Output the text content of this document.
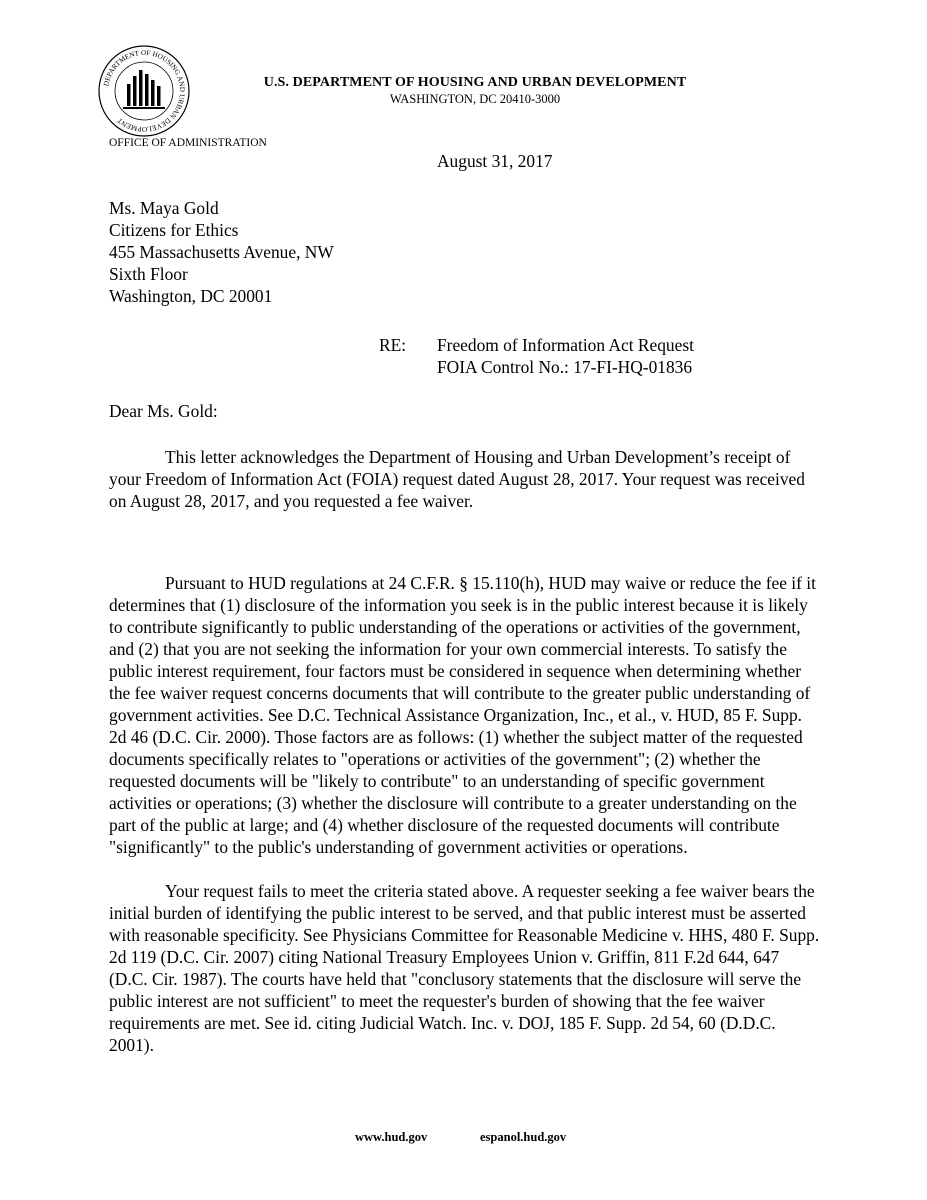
DEPARTMENT OF HOUSING AND URBAN DEVELOPMENT
U.S. DEPARTMENT OF HOUSING AND URBAN DEVELOPMENT
WASHINGTON, DC 20410-3000
OFFICE OF ADMINISTRATION
August 31, 2017
Ms. Maya Gold
Citizens for Ethics
455 Massachusetts Avenue, NW
Sixth Floor
Washington, DC 20001
RE: Freedom of Information Act Request
FOIA Control No.: 17-FI-HQ-01836
Dear Ms. Gold:

This letter acknowledges the Department of Housing and Urban Development’s receipt of your Freedom of Information Act (FOIA) request dated August 28, 2017. Your request was received on August 28, 2017, and you requested a fee waiver.

Pursuant to HUD regulations at 24 C.F.R. § 15.110(h), HUD may waive or reduce the fee if it determines that (1) disclosure of the information you seek is in the public interest because it is likely to contribute significantly to public understanding of the operations or activities of the government, and (2) that you are not seeking the information for your own commercial interests. To satisfy the public interest requirement, four factors must be considered in sequence when determining whether the fee waiver request concerns documents that will contribute to the greater public understanding of government activities. See D.C. Technical Assistance Organization, Inc., et al., v. HUD, 85 F. Supp. 2d 46 (D.C. Cir. 2000). Those factors are as follows: (1) whether the subject matter of the requested documents specifically relates to "operations or activities of the government"; (2) whether the requested documents will be "likely to contribute" to an understanding of specific government activities or operations; (3) whether the disclosure will contribute to a greater understanding on the part of the public at large; and (4) whether disclosure of the requested documents will contribute "significantly" to the public's understanding of government activities or operations.

Your request fails to meet the criteria stated above. A requester seeking a fee waiver bears the initial burden of identifying the public interest to be served, and that public interest must be asserted with reasonable specificity. See Physicians Committee for Reasonable Medicine v. HHS, 480 F. Supp. 2d 119 (D.C. Cir. 2007) citing National Treasury Employees Union v. Griffin, 811 F.2d 644, 647 (D.C. Cir. 1987). The courts have held that "conclusory statements that the disclosure will serve the public interest are not sufficient" to meet the requester's burden of showing that the fee waiver requirements are met. See id. citing Judicial Watch. Inc. v. DOJ, 185 F. Supp. 2d 54, 60 (D.D.C. 2001).

www.hud.gov	espanol.hud.gov
